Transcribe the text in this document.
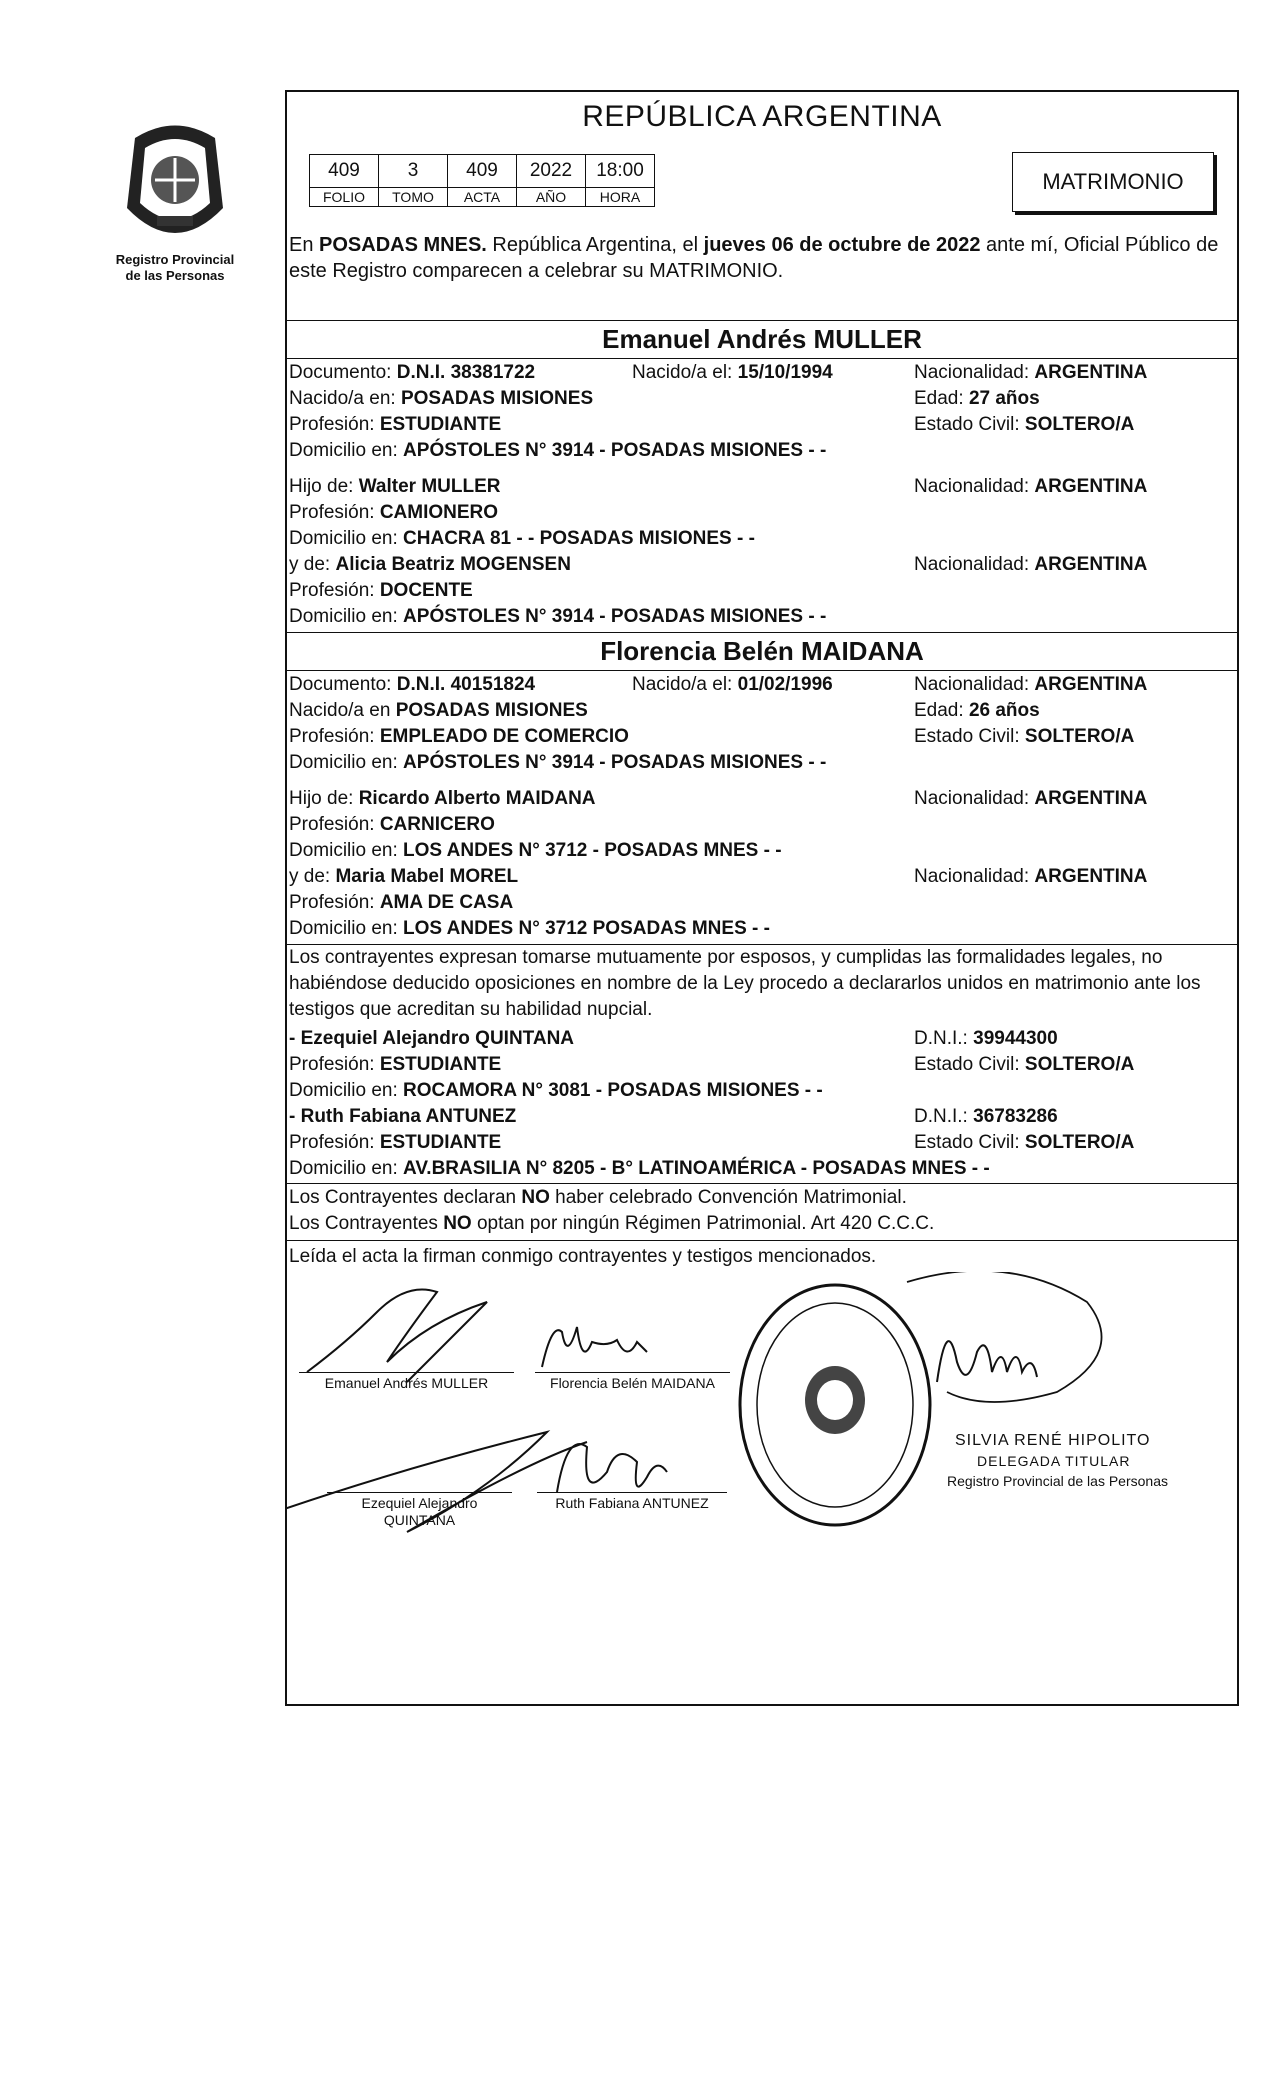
Registro Provincial
de las Personas
REPÚBLICA ARGENTINA
409	3	409	2022	18:00
FOLIO	TOMO	ACTA	AÑO	HORA
MATRIMONIO
En POSADAS MNES. República Argentina, el jueves 06 de octubre de 2022 ante mí, Oficial Público de este Registro comparecen a celebrar su MATRIMONIO.
Emanuel Andrés MULLER
Documento: D.N.I. 38381722	Nacido/a el: 15/10/1994	Nacionalidad: ARGENTINA
Nacido/a en: POSADAS MISIONES	Edad: 27 años
Profesión: ESTUDIANTE	Estado Civil: SOLTERO/A
Domicilio en: APÓSTOLES N° 3914 - POSADAS MISIONES - -
Hijo de: Walter MULLER	Nacionalidad: ARGENTINA
Profesión: CAMIONERO
Domicilio en: CHACRA 81 - - POSADAS MISIONES - -
y de: Alicia Beatriz MOGENSEN	Nacionalidad: ARGENTINA
Profesión: DOCENTE
Domicilio en: APÓSTOLES N° 3914 - POSADAS MISIONES - -
Florencia Belén MAIDANA
Documento: D.N.I. 40151824	Nacido/a el: 01/02/1996	Nacionalidad: ARGENTINA
Nacido/a en POSADAS MISIONES	Edad: 26 años
Profesión: EMPLEADO DE COMERCIO	Estado Civil: SOLTERO/A
Domicilio en: APÓSTOLES N° 3914 - POSADAS MISIONES - -
Hijo de: Ricardo Alberto MAIDANA	Nacionalidad: ARGENTINA
Profesión: CARNICERO
Domicilio en: LOS ANDES N° 3712 - POSADAS MNES - -
y de: Maria Mabel MOREL	Nacionalidad: ARGENTINA
Profesión: AMA DE CASA
Domicilio en: LOS ANDES N° 3712 POSADAS MNES - -
Los contrayentes expresan tomarse mutuamente por esposos, y cumplidas las formalidades legales, no habiéndose deducido oposiciones en nombre de la Ley procedo a declararlos unidos en matrimonio ante los testigos que acreditan su habilidad nupcial.
- Ezequiel Alejandro QUINTANA	D.N.I.: 39944300
Profesión: ESTUDIANTE	Estado Civil: SOLTERO/A
Domicilio en: ROCAMORA N° 3081 - POSADAS MISIONES - -
- Ruth Fabiana ANTUNEZ	D.N.I.: 36783286
Profesión: ESTUDIANTE	Estado Civil: SOLTERO/A
Domicilio en: AV.BRASILIA N° 8205 - B° LATINOAMÉRICA - POSADAS MNES - -
Los Contrayentes declaran NO haber celebrado Convención Matrimonial.
Los Contrayentes NO optan por ningún Régimen Patrimonial. Art 420 C.C.C.
Leída el acta la firman conmigo contrayentes y testigos mencionados.
Emanuel Andrés MULLER	Florencia Belén MAIDANA
Ezequiel Alejandro
QUINTANA
Ruth Fabiana ANTUNEZ
SILVIA RENÉ HIPOLITO
DELEGADA TITULAR
Registro Provincial de las Personas
